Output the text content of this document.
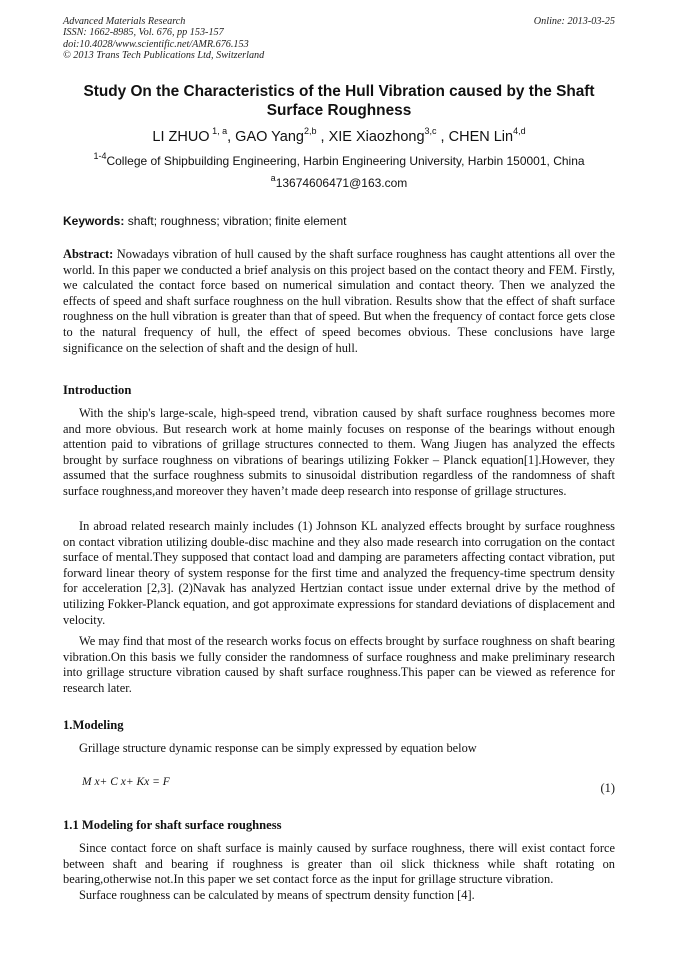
Advanced Materials Research
ISSN: 1662-8985, Vol. 676, pp 153-157
doi:10.4028/www.scientific.net/AMR.676.153
© 2013 Trans Tech Publications Ltd, Switzerland
Online: 2013-03-25
Study On the Characteristics of the Hull Vibration caused by the Shaft Surface Roughness
LI ZHUO $^{1, a}$, GAO Yang$^{2,b}$ , XIE Xiaozhong$^{3,c}$ , CHEN Lin$^{4,d}$
$^{1-4}$College of Shipbuilding Engineering, Harbin Engineering University, Harbin 150001, China
$^a$13674606471@163.com
Keywords: shaft; roughness; vibration; finite element
Abstract: Nowadays vibration of hull caused by the shaft surface roughness has caught attentions all over the world. In this paper we conducted a brief analysis on this project based on the contact theory and FEM. Firstly, we calculated the contact force based on numerical simulation and contact theory. Then we analyzed the effects of speed and shaft surface roughness on the hull vibration. Results show that the effect of shaft surface roughness on the hull vibration is greater than that of speed. But when the frequency of contact force gets close to the natural frequency of hull, the effect of speed becomes obvious. These conclusions have large significance on the selection of shaft and the design of hull.
Introduction
With the ship's large-scale, high-speed trend, vibration caused by shaft surface roughness becomes more and more obvious. But research work at home mainly focuses on response of the bearings without enough attention paid to vibrations of grillage structures connected to them. Wang Jiugen has analyzed the effects brought by surface roughness on vibrations of bearings utilizing Fokker – Planck equation[1].However, they assumed that the surface roughness submits to sinusoidal distribution regardless of the randomness of shaft surface roughness,and moreover they haven’t made deep research into response of grillage structures.
In abroad related research mainly includes (1) Johnson KL analyzed effects brought by surface roughness on contact vibration utilizing double-disc machine and they also made research into corrugation on the contact surface of mental.They supposed that contact load and damping are parameters affecting contact vibration, put forward linear theory of system response for the first time and analyzed the frequency-time spectrum density for acceleration [2,3]. (2)Navak has analyzed Hertzian contact issue under external drive by the method of utilizing Fokker-Planck equation, and got approximate expressions for standard deviations of displacement and velocity.
We may find that most of the research works focus on effects brought by surface roughness on shaft bearing vibration.On this basis we fully consider the randomness of surface roughness and make preliminary research into grillage structure vibration caused by shaft surface roughness.This paper can be viewed as reference for research later.
1.Modeling
Grillage structure dynamic response can be simply expressed by equation below
M x+ C x+ Kx = F	(1)
1.1 Modeling for shaft surface roughness
Since contact force on shaft surface is mainly caused by surface roughness, there will exist contact force between shaft and bearing if roughness is greater than oil slick thickness while shaft rotating on bearing,otherwise not.In this paper we set contact force as the input for grillage structure vibration.
Surface roughness can be calculated by means of spectrum density function [4].
